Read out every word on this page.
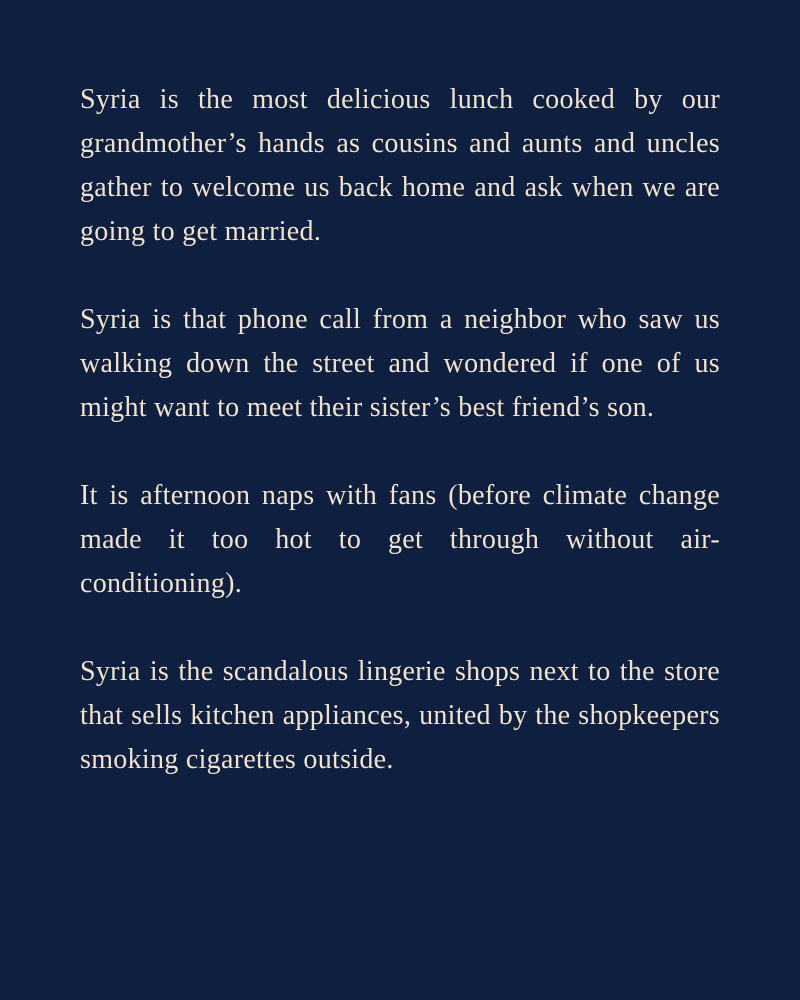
Syria is the most delicious lunch cooked by our grandmother’s hands as cousins and aunts and uncles gather to welcome us back home and ask when we are going to get married.

Syria is that phone call from a neighbor who saw us walking down the street and wondered if one of us might want to meet their sister’s best friend’s son.

It is afternoon naps with fans (before climate change made it too hot to get through without air-conditioning).

Syria is the scandalous lingerie shops next to the store that sells kitchen appliances, united by the shopkeepers smoking cigarettes outside.
